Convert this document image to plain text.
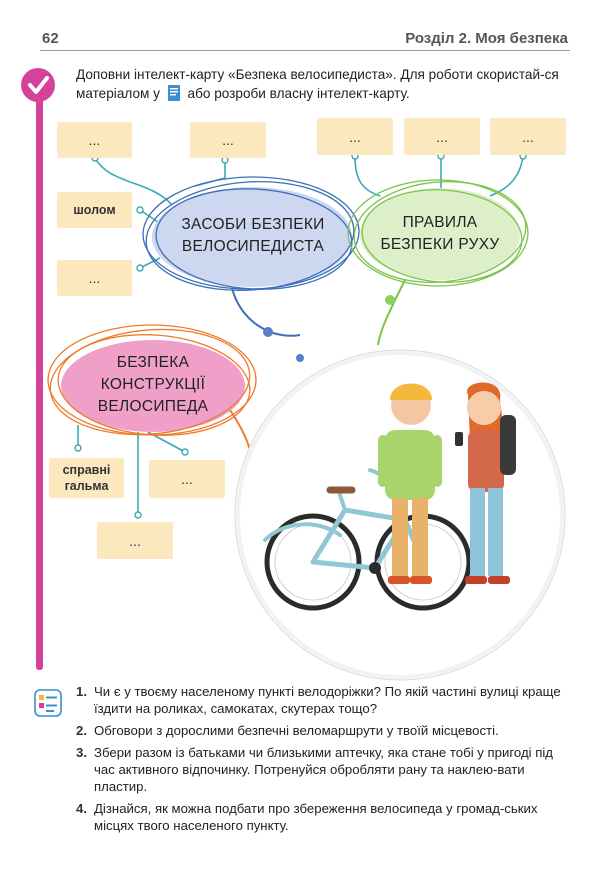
62	Розділ 2. Моя безпека
Доповни інтелект-карту «Безпека велосипедиста». Для роботи скористай-ся матеріалом у або розроби власну інтелект-карту.
ЗАСОБИ БЕЗПЕКИ
ВЕЛОСИПЕДИСТА
ПРАВИЛА
БЕЗПЕКИ РУХУ
БЕЗПЕКА
КОНСТРУКЦІЇ
ВЕЛОСИПЕДА
...	...
шолом
...
...	...	...
справні
гальма	...
...
1. Чи є у твоєму населеному пункті велодоріжки? По якій частині вулиці краще їздити на роликах, самокатах, скутерах тощо?
2. Обговори з дорослими безпечні веломаршрути у твоїй місцевості.
3. Збери разом із батьками чи близькими аптечку, яка стане тобі у пригоді під час активного відпочинку. Потренуйся обробляти рану та наклею-вати пластир.
4. Дізнайся, як можна подбати про збереження велосипеда у громад-ських місцях твого населеного пункту.
